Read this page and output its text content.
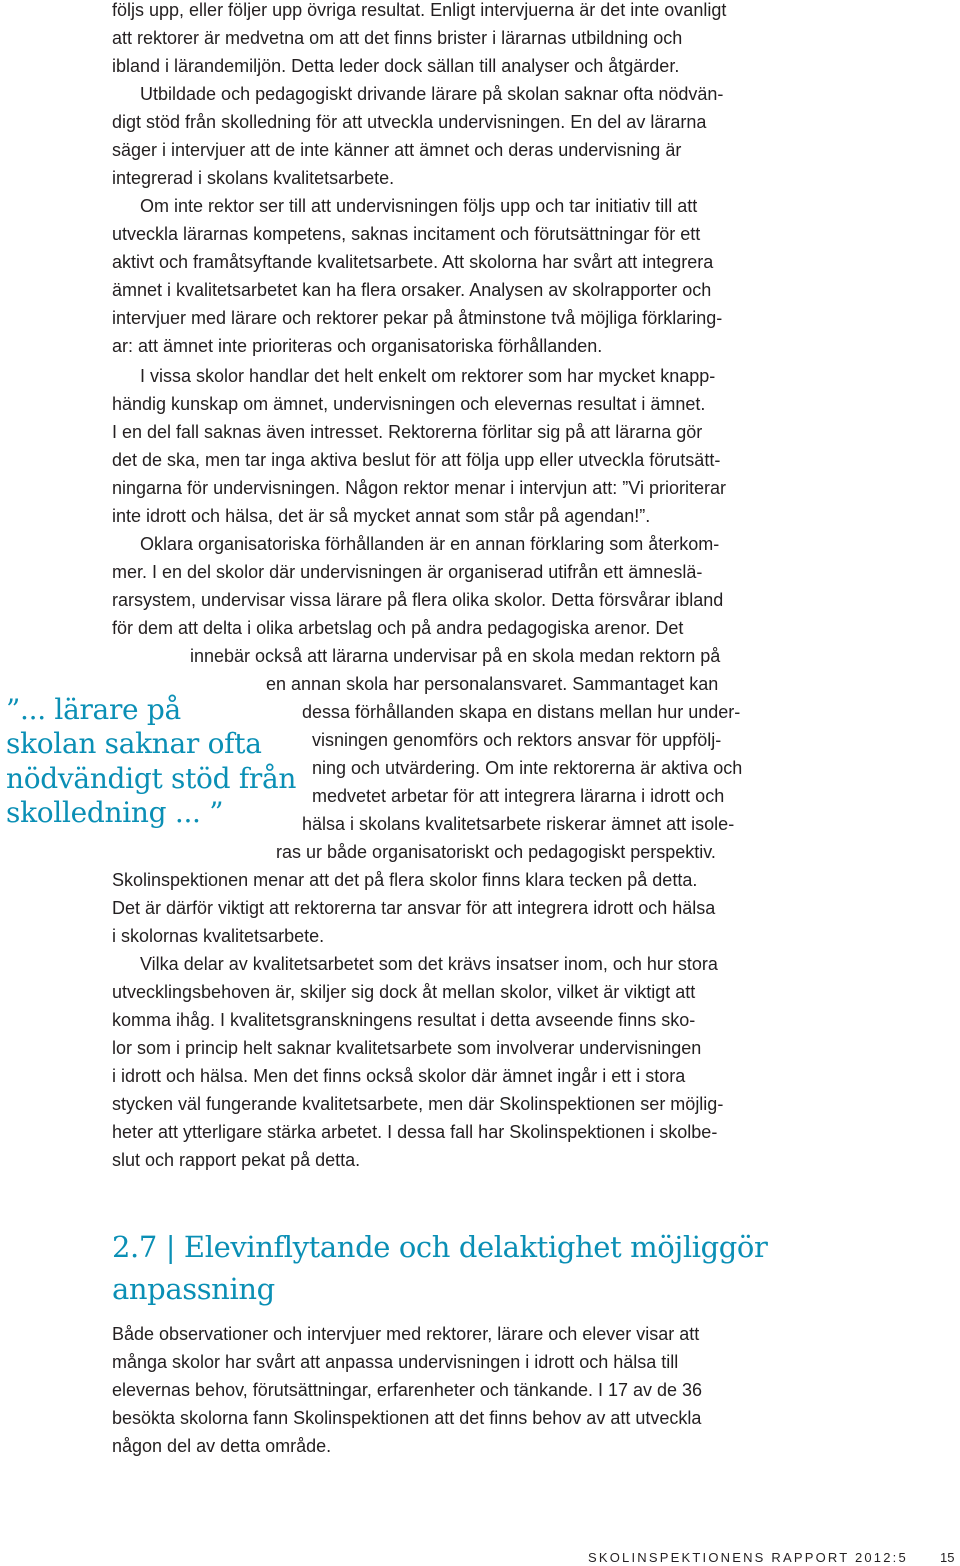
följs upp, eller följer upp övriga resultat. Enligt intervjuerna är det inte ovanligt
att rektorer är medvetna om att det finns brister i lärarnas utbildning och
ibland i lärandemiljön. Detta leder dock sällan till analyser och åtgärder.
Utbildade och pedagogiskt drivande lärare på skolan saknar ofta nödvän-
digt stöd från skolledning för att utveckla undervisningen. En del av lärarna
säger i intervjuer att de inte känner att ämnet och deras undervisning är
integrerad i skolans kvalitetsarbete.
Om inte rektor ser till att undervisningen följs upp och tar initiativ till att
utveckla lärarnas kompetens, saknas incitament och förutsättningar för ett
aktivt och framåtsyftande kvalitetsarbete. Att skolorna har svårt att integrera
ämnet i kvalitetsarbetet kan ha flera orsaker. Analysen av skolrapporter och
intervjuer med lärare och rektorer pekar på åtminstone två möjliga förklaring-
ar: att ämnet inte prioriteras och organisatoriska förhållanden.
I vissa skolor handlar det helt enkelt om rektorer som har mycket knapp-
händig kunskap om ämnet, undervisningen och elevernas resultat i ämnet.
I en del fall saknas även intresset. Rektorerna förlitar sig på att lärarna gör
det de ska, men tar inga aktiva beslut för att följa upp eller utveckla förutsätt-
ningarna för undervisningen. Någon rektor menar i intervjun att: ”Vi prioriterar
inte idrott och hälsa, det är så mycket annat som står på agendan!”.
Oklara organisatoriska förhållanden är en annan förklaring som återkom-
mer. I en del skolor där undervisningen är organiserad utifrån ett ämneslä-
rarsystem, undervisar vissa lärare på flera olika skolor. Detta försvårar ibland
för dem att delta i olika arbetslag och på andra pedagogiska arenor. Det
innebär också att lärarna undervisar på en skola medan rektorn på
en annan skola har personalansvaret. Sammantaget kan
dessa förhållanden skapa en distans mellan hur under-
visningen genomförs och rektors ansvar för uppfölj-
ning och utvärdering. Om inte rektorerna är aktiva och
medvetet arbetar för att integrera lärarna i idrott och
hälsa i skolans kvalitetsarbete riskerar ämnet att isole-
ras ur både organisatoriskt och pedagogiskt perspektiv.
Skolinspektionen menar att det på flera skolor finns klara tecken på detta.
Det är därför viktigt att rektorerna tar ansvar för att integrera idrott och hälsa
i skolornas kvalitetsarbete.
Vilka delar av kvalitetsarbetet som det krävs insatser inom, och hur stora
utvecklingsbehoven är, skiljer sig dock åt mellan skolor, vilket är viktigt att
komma ihåg. I kvalitetsgranskningens resultat i detta avseende finns sko-
lor som i princip helt saknar kvalitetsarbete som involverar undervisningen
i idrott och hälsa. Men det finns också skolor där ämnet ingår i ett i stora
stycken väl fungerande kvalitetsarbete, men där Skolinspektionen ser möjlig-
heter att ytterligare stärka arbetet. I dessa fall har Skolinspektionen i skolbe-
slut och rapport pekat på detta.
”... lärare på
skolan saknar ofta
nödvändigt stöd från
skolledning ... ”
2.7 | Elevinflytande och delaktighet möjliggör
anpassning
Både observationer och intervjuer med rektorer, lärare och elever visar att
många skolor har svårt att anpassa undervisningen i idrott och hälsa till
elevernas behov, förutsättningar, erfarenheter och tänkande. I 17 av de 36
besökta skolorna fann Skolinspektionen att det finns behov av att utveckla
någon del av detta område.
SKOLINSPEKTIONENS RAPPORT 2012:5 15
